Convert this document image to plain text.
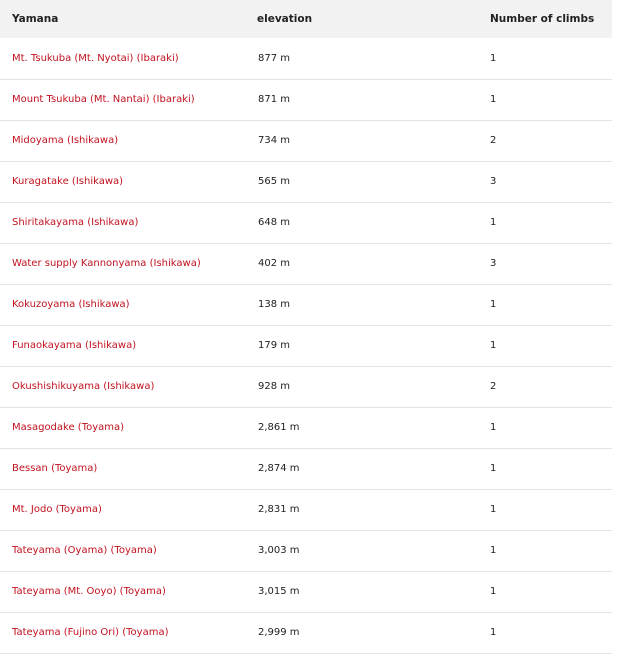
Yamana	elevation	Number of climbs
Mt. Tsukuba (Mt. Nyotai) (Ibaraki)	877 m	1
Mount Tsukuba (Mt. Nantai) (Ibaraki)	871 m	1
Midoyama (Ishikawa)	734 m	2
Kuragatake (Ishikawa)	565 m	3
Shiritakayama (Ishikawa)	648 m	1
Water supply Kannonyama (Ishikawa)	402 m	3
Kokuzoyama (Ishikawa)	138 m	1
Funaokayama (Ishikawa)	179 m	1
Okushishikuyama (Ishikawa)	928 m	2
Masagodake (Toyama)	2,861 m	1
Bessan (Toyama)	2,874 m	1
Mt. Jodo (Toyama)	2,831 m	1
Tateyama (Oyama) (Toyama)	3,003 m	1
Tateyama (Mt. Ooyo) (Toyama)	3,015 m	1
Tateyama (Fujino Ori) (Toyama)	2,999 m	1
